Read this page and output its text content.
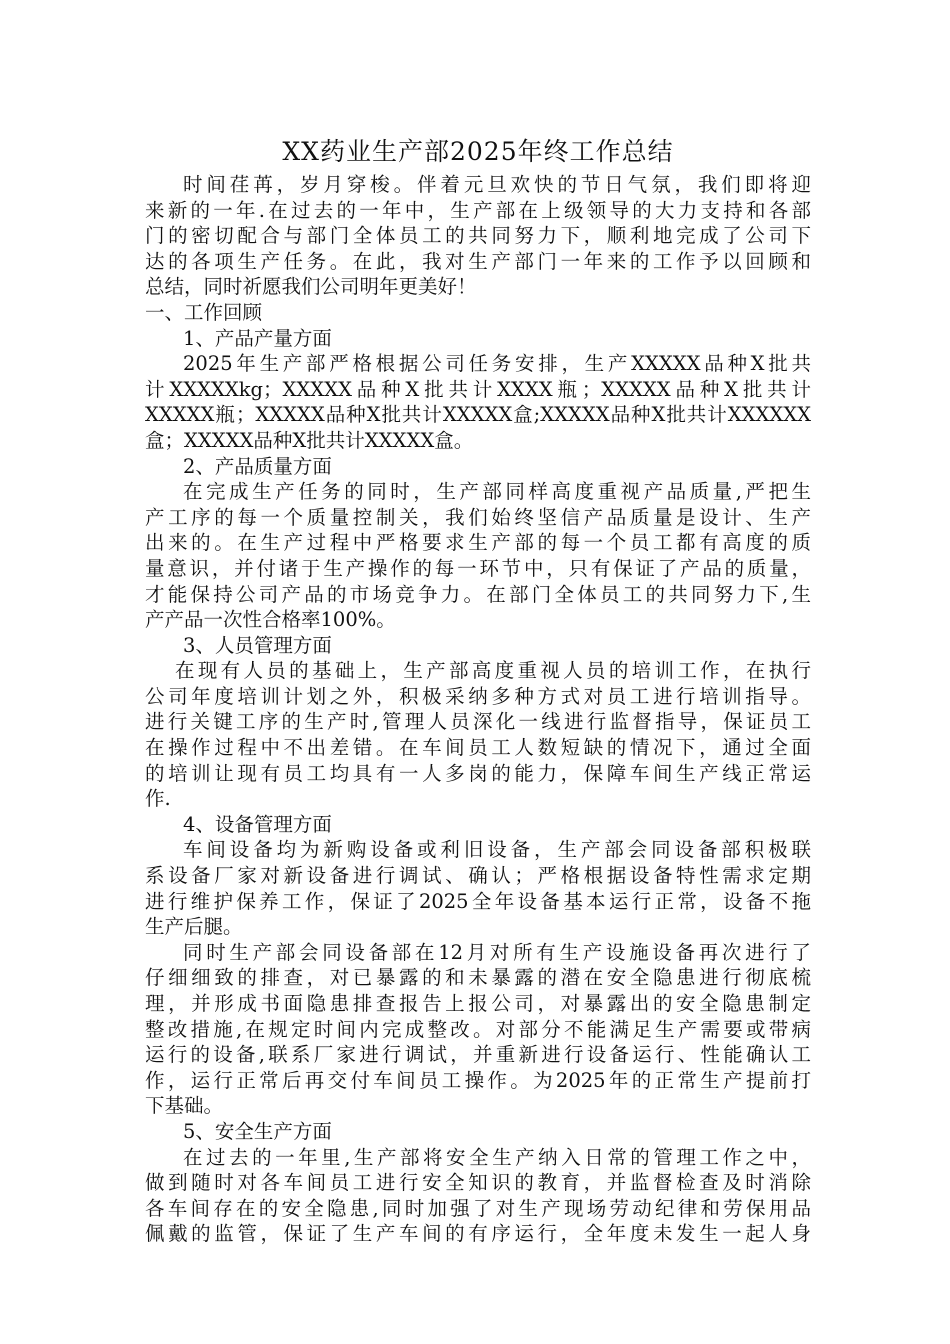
XX药业生产部2025年终工作总结

时间荏苒，岁月穿梭。伴着元旦欢快的节日气氛，我们即将迎

来新的一年.在过去的一年中，生产部在上级领导的大力支持和各部

门的密切配合与部门全体员工的共同努力下，顺利地完成了公司下

达的各项生产任务。在此，我对生产部门一年来的工作予以回顾和

总结，同时祈愿我们公司明年更美好！

一、工作回顾

1、产品产量方面

2025年生产部严格根据公司任务安排，生产XXXXX品种X批共

计XXXXXkg；XXXXX品种X批共计XXXX瓶；XXXXX品种X批共计

XXXXX瓶；XXXXX品种X批共计XXXXX盒;XXXXX品种X批共计XXXXXX

盒；XXXXX品种X批共计XXXXX盒。

2、产品质量方面

在完成生产任务的同时，生产部同样高度重视产品质量,严把生

产工序的每一个质量控制关，我们始终坚信产品质量是设计、生产

出来的。在生产过程中严格要求生产部的每一个员工都有高度的质

量意识，并付诸于生产操作的每一环节中，只有保证了产品的质量，

才能保持公司产品的市场竞争力。在部门全体员工的共同努力下,生

产产品一次性合格率100%。

3、人员管理方面

在现有人员的基础上，生产部高度重视人员的培训工作，在执行

公司年度培训计划之外，积极采纳多种方式对员工进行培训指导。

进行关键工序的生产时,管理人员深化一线进行监督指导，保证员工

在操作过程中不出差错。在车间员工人数短缺的情况下，通过全面

的培训让现有员工均具有一人多岗的能力，保障车间生产线正常运

作.

4、设备管理方面

车间设备均为新购设备或利旧设备，生产部会同设备部积极联

系设备厂家对新设备进行调试、确认；严格根据设备特性需求定期

进行维护保养工作，保证了2025全年设备基本运行正常，设备不拖

生产后腿。

同时生产部会同设备部在12月对所有生产设施设备再次进行了

仔细细致的排查，对已暴露的和未暴露的潜在安全隐患进行彻底梳

理，并形成书面隐患排查报告上报公司，对暴露出的安全隐患制定

整改措施,在规定时间内完成整改。对部分不能满足生产需要或带病

运行的设备,联系厂家进行调试，并重新进行设备运行、性能确认工

作，运行正常后再交付车间员工操作。为2025年的正常生产提前打

下基础。

5、安全生产方面

在过去的一年里,生产部将安全生产纳入日常的管理工作之中，

做到随时对各车间员工进行安全知识的教育，并监督检查及时消除

各车间存在的安全隐患,同时加强了对生产现场劳动纪律和劳保用品

佩戴的监管，保证了生产车间的有序运行，全年度未发生一起人身
